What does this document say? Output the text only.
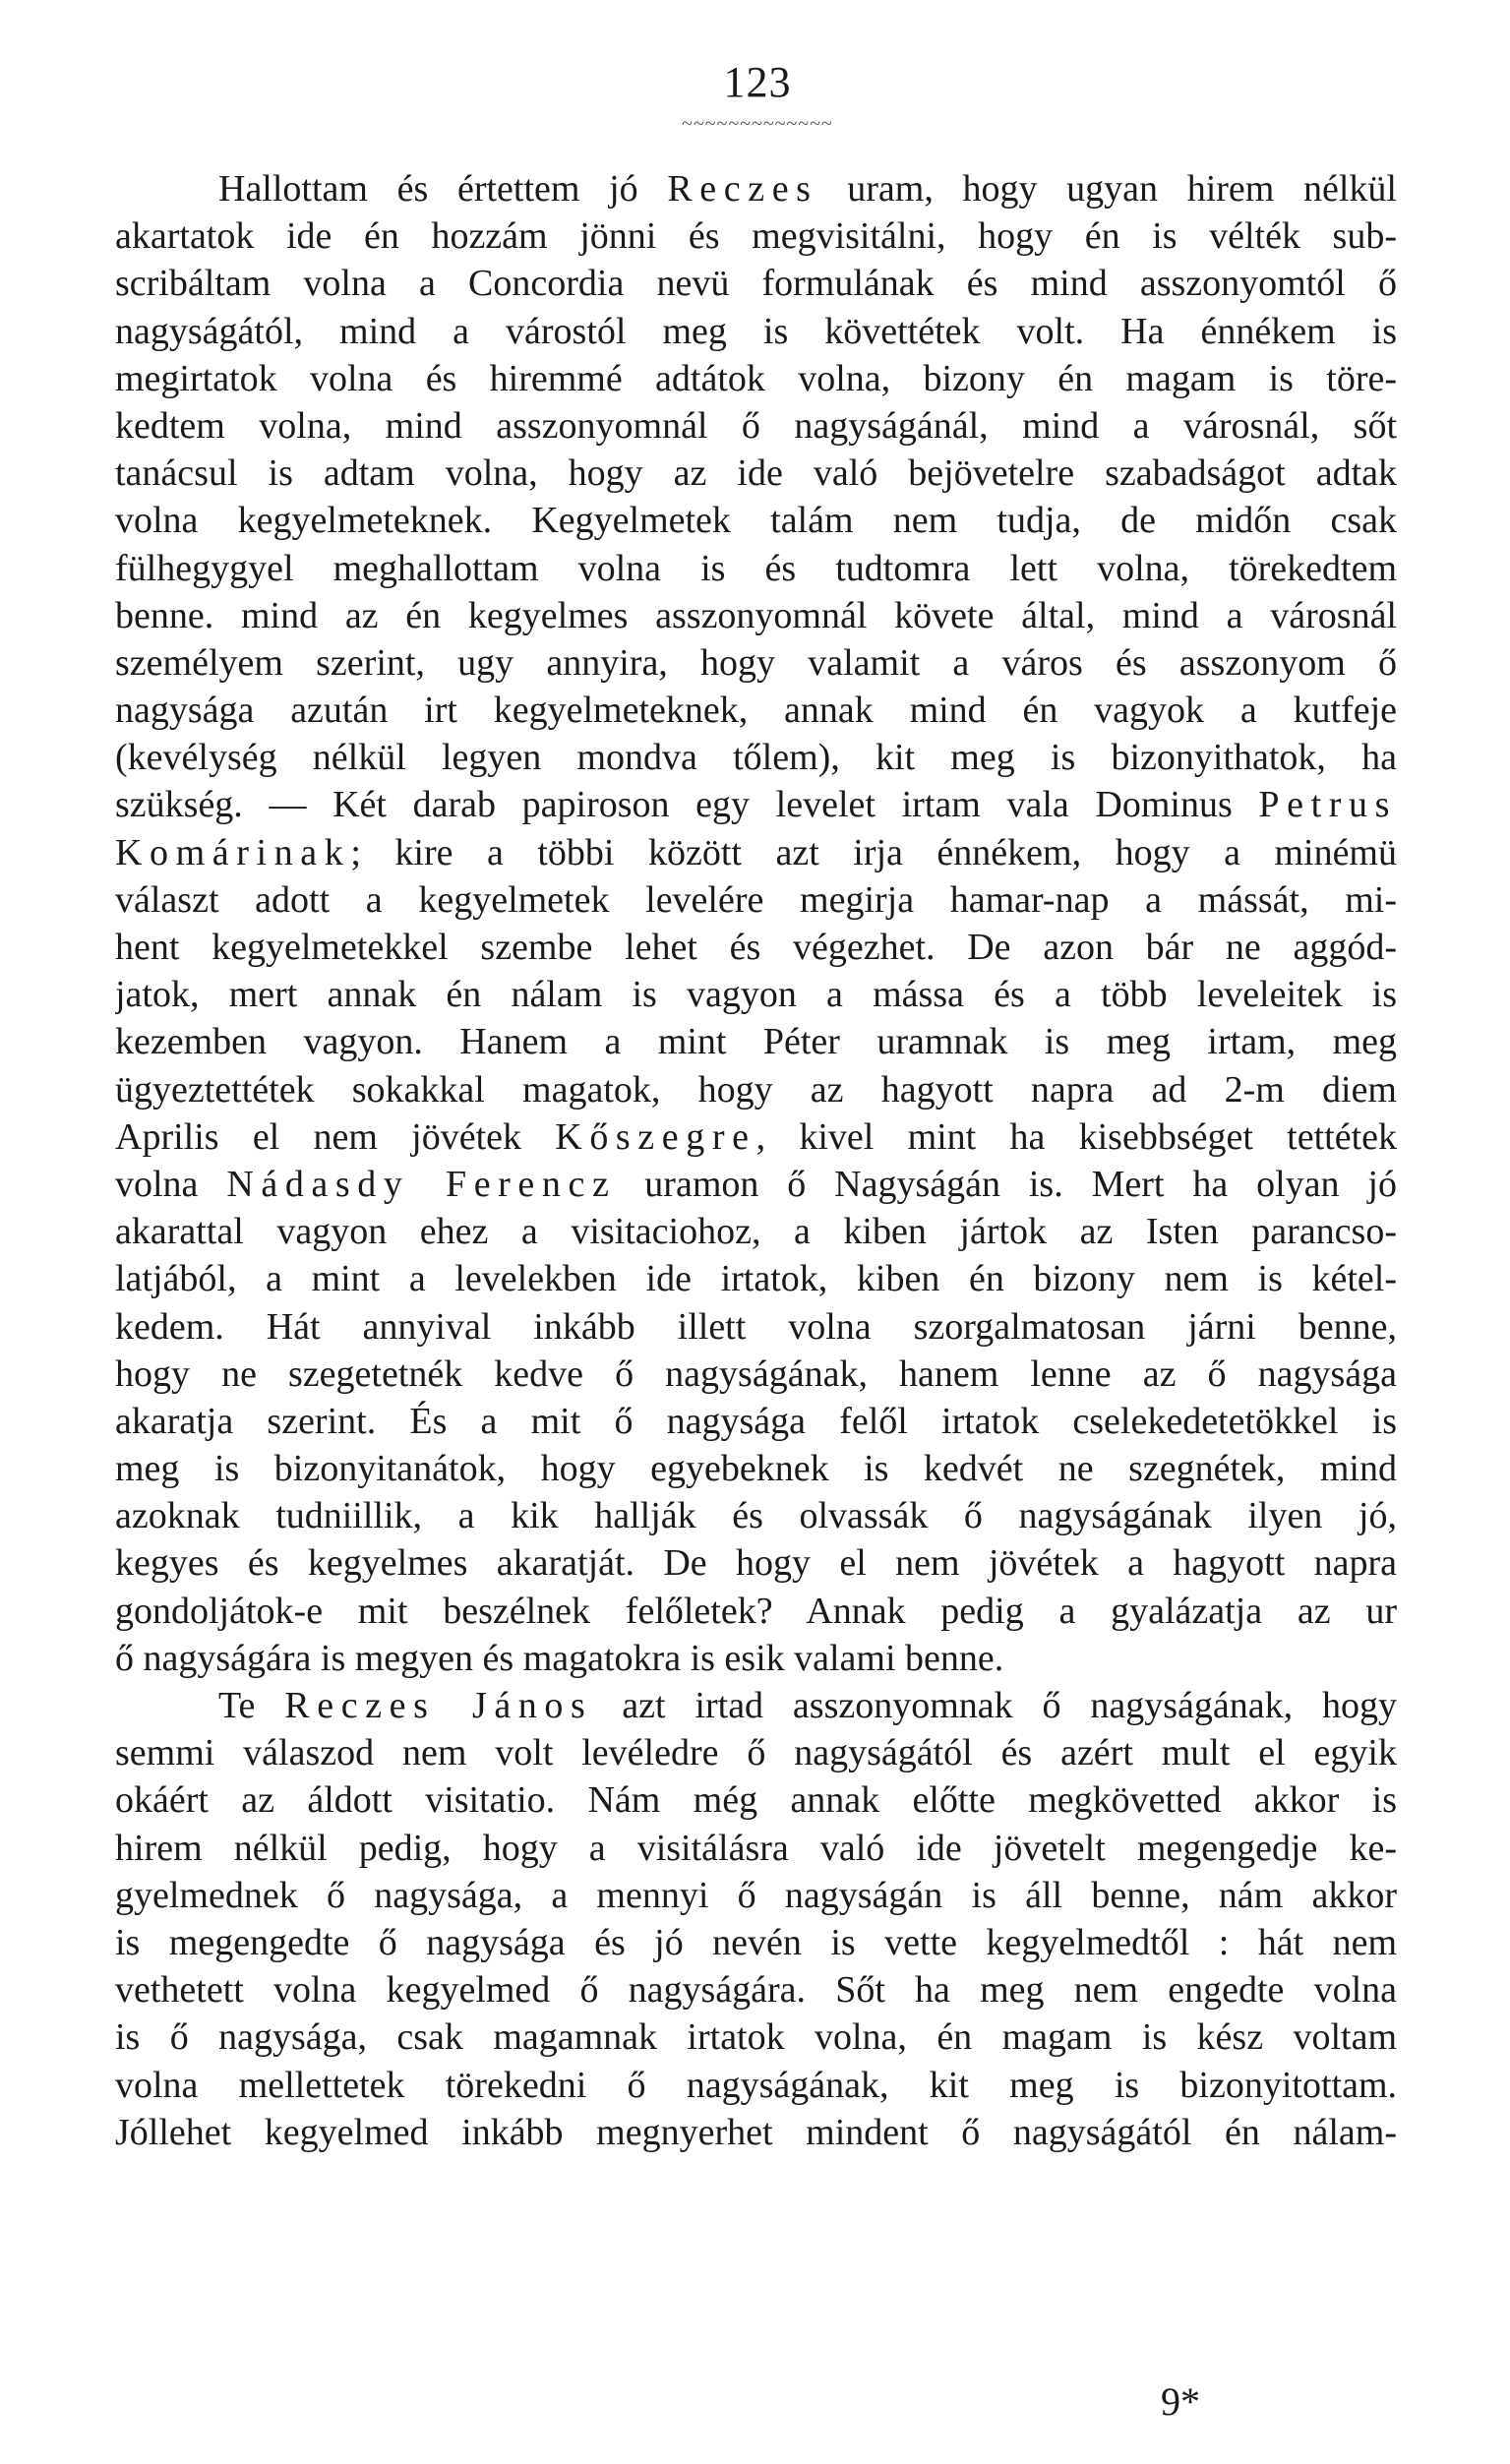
123
~~~~~~~~~~~~~
Hallottam és értettem jó Reczes uram, hogy ugyan hirem nélkül
akartatok ide én hozzám jönni és megvisitálni, hogy én is vélték sub-
scribáltam volna a Concordia nevü formulának és mind asszonyomtól ő
nagyságától, mind a várostól meg is követtétek volt. Ha énnékem is
megirtatok volna és hiremmé adtátok volna, bizony én magam is töre-
kedtem volna, mind asszonyomnál ő nagyságánál, mind a városnál, sőt
tanácsul is adtam volna, hogy az ide való bejövetelre szabadságot adtak
volna kegyelmeteknek. Kegyelmetek talám nem tudja, de midőn csak
fülhegygyel meghallottam volna is és tudtomra lett volna, törekedtem
benne. mind az én kegyelmes asszonyomnál követe által, mind a városnál
személyem szerint, ugy annyira, hogy valamit a város és asszonyom ő
nagysága azután irt kegyelmeteknek, annak mind én vagyok a kutfeje
(kevélység nélkül legyen mondva tőlem), kit meg is bizonyithatok, ha
szükség. — Két darab papiroson egy levelet irtam vala Dominus Petrus
Komárinak; kire a többi között azt irja énnékem, hogy a minémü
választ adott a kegyelmetek levelére megirja hamar-nap a mássát, mi-
hent kegyelmetekkel szembe lehet és végezhet. De azon bár ne aggód-
jatok, mert annak én nálam is vagyon a mássa és a több leveleitek is
kezemben vagyon. Hanem a mint Péter uramnak is meg irtam, meg
ügyeztettétek sokakkal magatok, hogy az hagyott napra ad 2-m diem
Aprilis el nem jövétek Kőszegre, kivel mint ha kisebbséget tettétek
volna Nádasdy Ferencz uramon ő Nagyságán is. Mert ha olyan jó
akarattal vagyon ehez a visitaciohoz, a kiben jártok az Isten parancso-
latjából, a mint a levelekben ide irtatok, kiben én bizony nem is kétel-
kedem. Hát annyival inkább illett volna szorgalmatosan járni benne,
hogy ne szegetetnék kedve ő nagyságának, hanem lenne az ő nagysága
akaratja szerint. És a mit ő nagysága felől irtatok cselekedetetökkel is
meg is bizonyitanátok, hogy egyebeknek is kedvét ne szegnétek, mind
azoknak tudniillik, a kik hallják és olvassák ő nagyságának ilyen jó,
kegyes és kegyelmes akaratját. De hogy el nem jövétek a hagyott napra
gondoljátok-e mit beszélnek felőletek? Annak pedig a gyalázatja az ur
ő nagyságára is megyen és magatokra is esik valami benne.
Te Reczes János azt irtad asszonyomnak ő nagyságának, hogy
semmi válaszod nem volt levéledre ő nagyságától és azért mult el egyik
okáért az áldott visitatio. Nám még annak előtte megkövetted akkor is
hirem nélkül pedig, hogy a visitálásra való ide jövetelt megengedje ke-
gyelmednek ő nagysága, a mennyi ő nagyságán is áll benne, nám akkor
is megengedte ő nagysága és jó nevén is vette kegyelmedtől : hát nem
vethetett volna kegyelmed ő nagyságára. Sőt ha meg nem engedte volna
is ő nagysága, csak magamnak irtatok volna, én magam is kész voltam
volna mellettetek törekedni ő nagyságának, kit meg is bizonyitottam.
Jóllehet kegyelmed inkább megnyerhet mindent ő nagyságától én nálam-
9*
